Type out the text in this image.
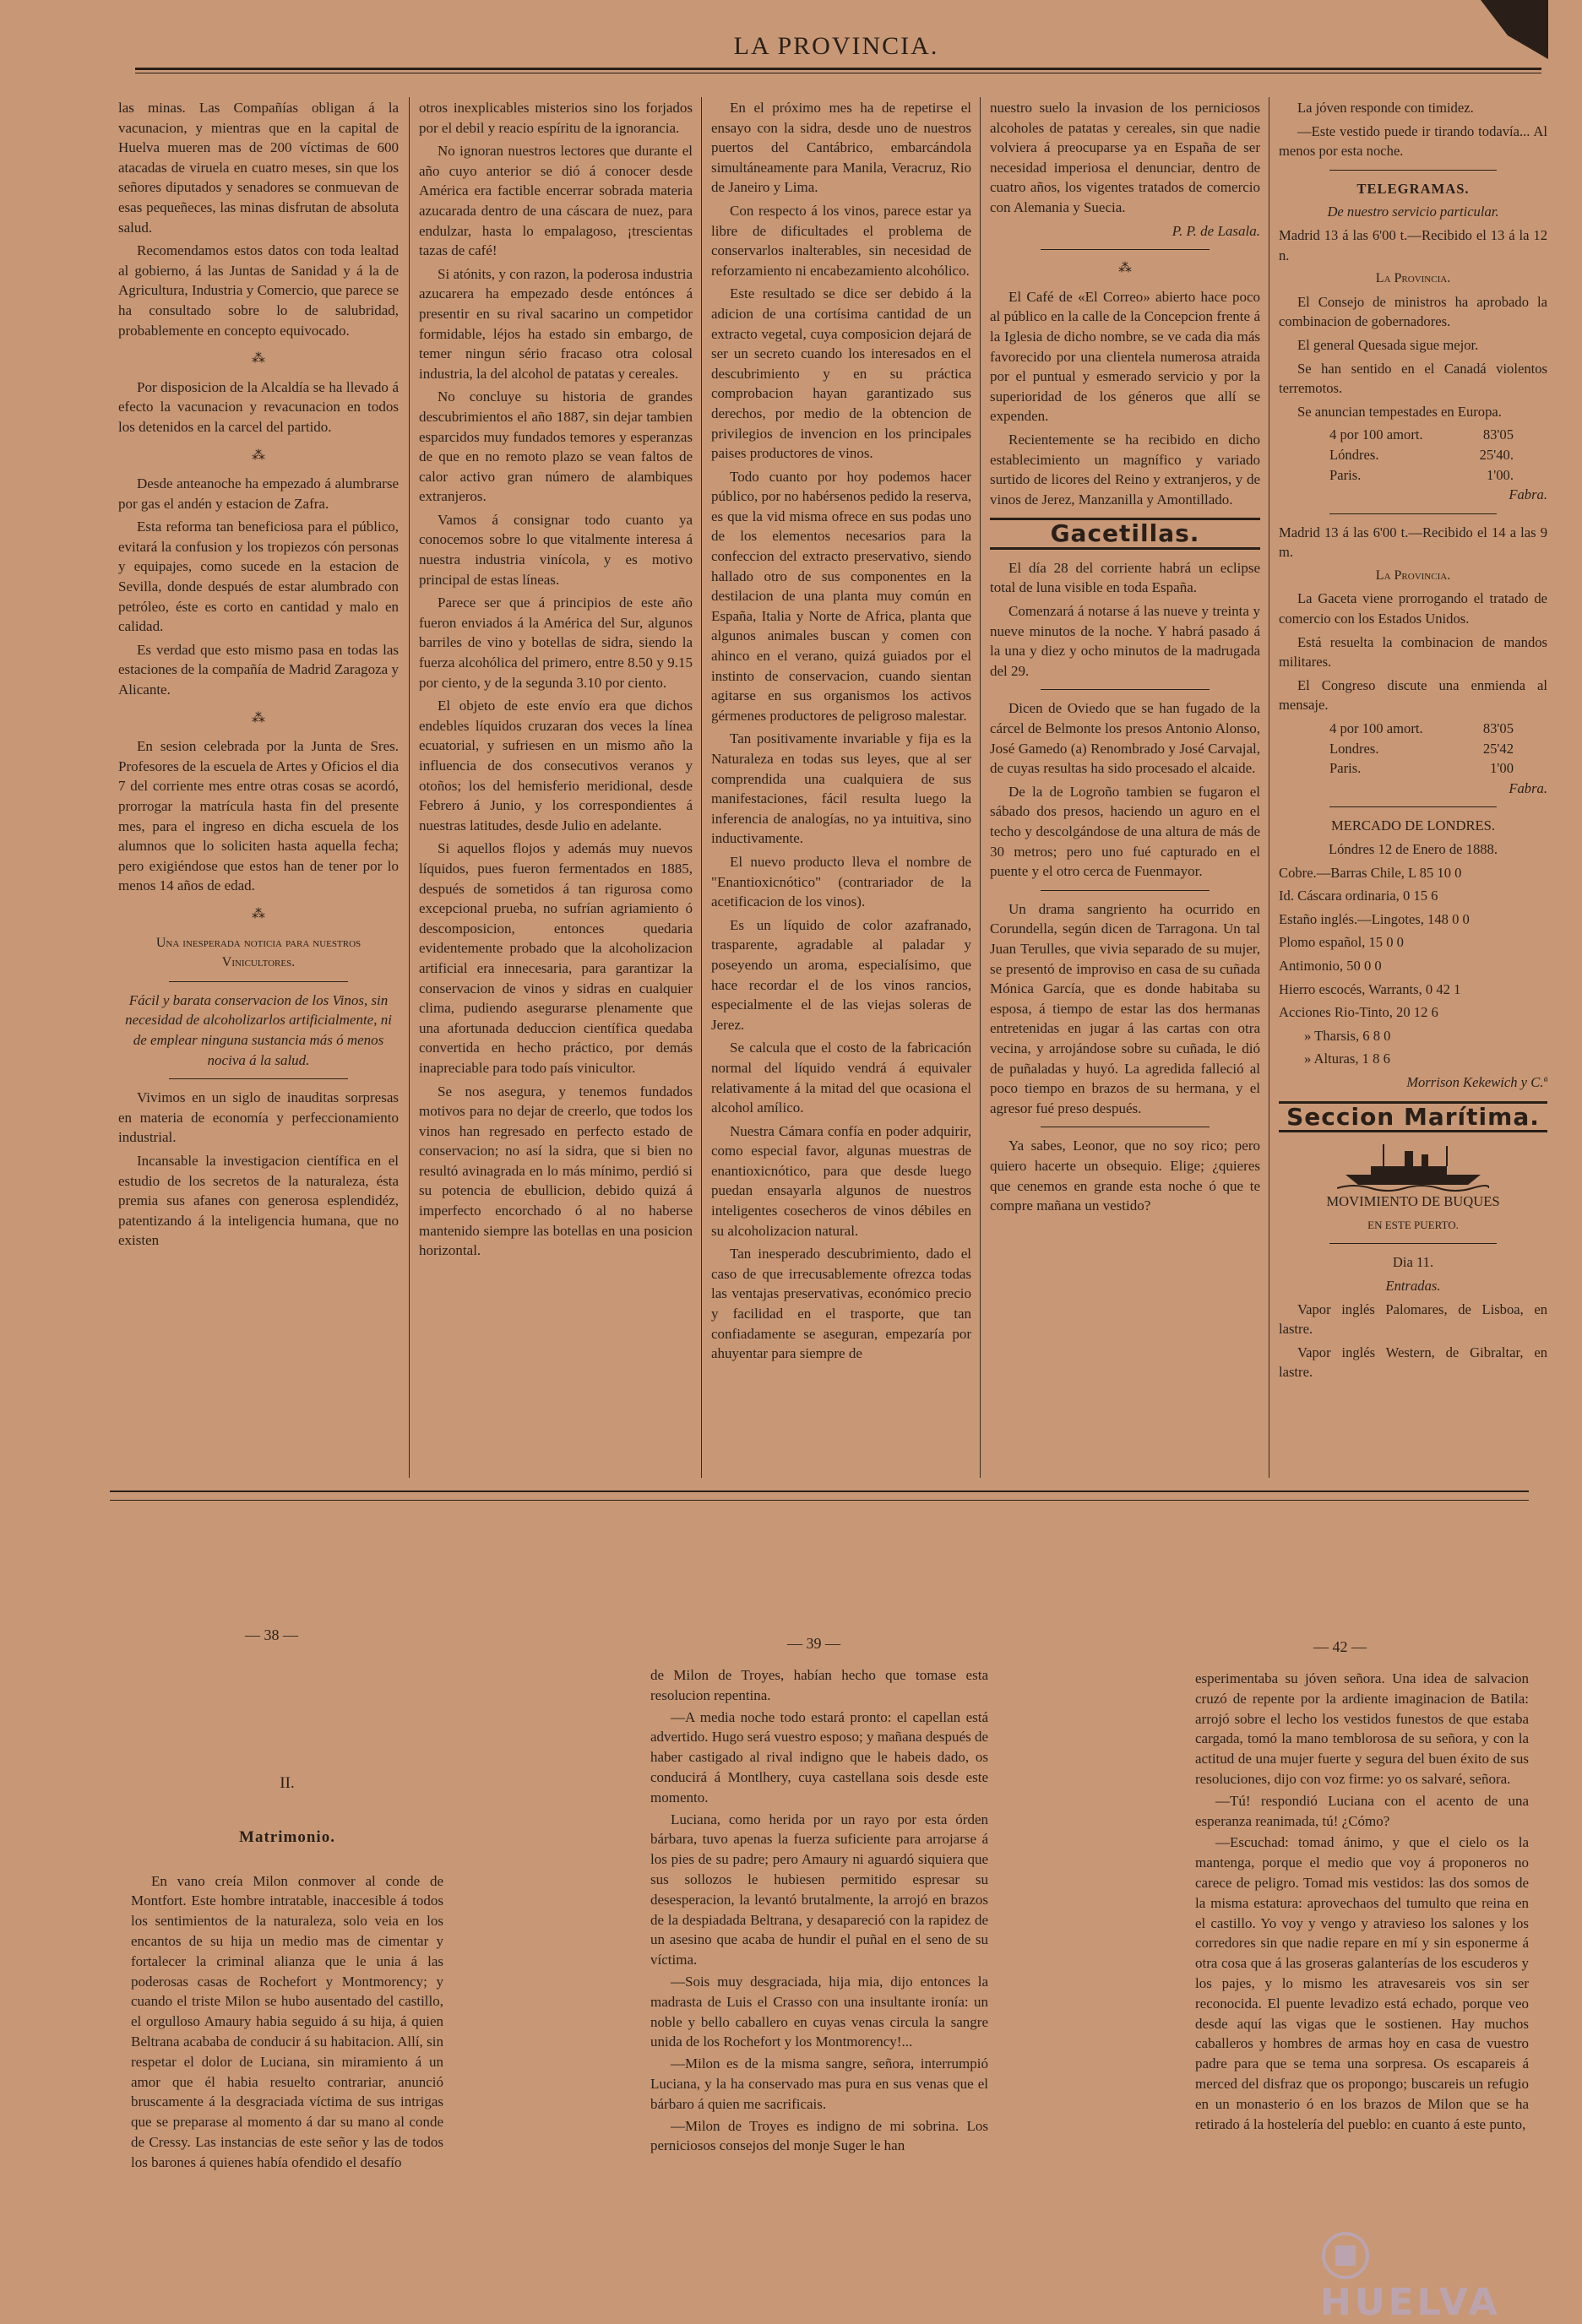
LA PROVINCIA.

las minas. Las Compañías obligan á la vacunacion, y mientras que en la capital de Huelva mueren mas de 200 víctimas de 600 atacadas de viruela en cuatro meses, sin que los señores diputados y senadores se conmuevan de esas pequeñeces, las minas disfrutan de absoluta salud.

Recomendamos estos datos con toda lealtad al gobierno, á las Juntas de Sanidad y á la de Agricultura, Industria y Comercio, que parece se ha consultado sobre lo de salubridad, probablemente en concepto equivocado.

⁂

Por disposicion de la Alcaldía se ha llevado á efecto la vacunacion y revacunacion en todos los detenidos en la carcel del partido.

⁂

Desde anteanoche ha empezado á alumbrarse por gas el andén y estacion de Zafra.

Esta reforma tan beneficiosa para el público, evitará la confusion y los tropiezos cón personas y equipajes, como sucede en la estacion de Sevilla, donde después de estar alumbrado con petróleo, éste es corto en cantidad y malo en calidad.

Es verdad que esto mismo pasa en todas las estaciones de la compañía de Madrid Zaragoza y Alicante.

⁂

En sesion celebrada por la Junta de Sres. Profesores de la escuela de Artes y Oficios el dia 7 del corriente mes entre otras cosas se acordó, prorrogar la matrícula hasta fin del presente mes, para el ingreso en dicha escuela de los alumnos que lo soliciten hasta aquella fecha; pero exigiéndose que estos han de tener por lo menos 14 años de edad.

⁂

Una inesperada noticia para nuestros Vinicultores.

Fácil y barata conservacion de los Vinos, sin necesidad de alcoholizarlos artificialmente, ni de emplear ninguna sustancia más ó menos nociva á la salud.

Vivimos en un siglo de inauditas sorpresas en materia de economía y perfeccionamiento industrial.

Incansable la investigacion científica en el estudio de los secretos de la naturaleza, ésta premia sus afanes con generosa esplendidéz, patentizando á la inteligencia humana, que no existen

otros inexplicables misterios sino los forjados por el debil y reacio espíritu de la ignorancia.

No ignoran nuestros lectores que durante el año cuyo anterior se dió á conocer desde América era factible encerrar sobrada materia azucarada dentro de una cáscara de nuez, para endulzar, hasta lo empalagoso, ¡trescientas tazas de café!

Si atónits, y con razon, la poderosa industria azucarera ha empezado desde entónces á presentir en su rival sacarino un competidor formidable, léjos ha estado sin embargo, de temer ningun sério fracaso otra colosal industria, la del alcohol de patatas y cereales.

No concluye su historia de grandes descubrimientos el año 1887, sin dejar tambien esparcidos muy fundados temores y esperanzas de que en no remoto plazo se vean faltos de calor activo gran número de alambiques extranjeros.

Vamos á consignar todo cuanto ya conocemos sobre lo que vitalmente interesa á nuestra industria vinícola, y es motivo principal de estas líneas.

Parece ser que á principios de este año fueron enviados á la América del Sur, algunos barriles de vino y botellas de sidra, siendo la fuerza alcohólica del primero, entre 8.50 y 9.15 por ciento, y de la segunda 3.10 por ciento.

El objeto de este envío era que dichos endebles líquidos cruzaran dos veces la línea ecuatorial, y sufriesen en un mismo año la influencia de dos consecutivos veranos y otoños; los del hemisferio meridional, desde Febrero á Junio, y los correspondientes á nuestras latitudes, desde Julio en adelante.

Si aquellos flojos y además muy nuevos líquidos, pues fueron fermentados en 1885, después de sometidos á tan rigurosa como excepcional prueba, no sufrían agriamiento ó descomposicion, entonces quedaria evidentemente probado que la alcoholizacion artificial era innecesaria, para garantizar la conservacion de vinos y sidras en cualquier clima, pudiendo asegurarse plenamente que una afortunada deduccion científica quedaba convertida en hecho práctico, por demás inapreciable para todo país vinicultor.

Se nos asegura, y tenemos fundados motivos para no dejar de creerlo, que todos los vinos han regresado en perfecto estado de conservacion; no así la sidra, que si bien no resultó avinagrada en lo más mínimo, perdió si su potencia de ebullicion, debido quizá á imperfecto encorchado ó al no haberse mantenido siempre las botellas en una posicion horizontal.

En el próximo mes ha de repetirse el ensayo con la sidra, desde uno de nuestros puertos del Cantábrico, embarcándola simultáneamente para Manila, Veracruz, Rio de Janeiro y Lima.

Con respecto á los vinos, parece estar ya libre de dificultades el problema de conservarlos inalterables, sin necesidad de reforzamiento ni encabezamiento alcohólico.

Este resultado se dice ser debido á la adicion de una cortísima cantidad de un extracto vegetal, cuya composicion dejará de ser un secreto cuando los interesados en el descubrimiento y en su práctica comprobacion hayan garantizado sus derechos, por medio de la obtencion de privilegios de invencion en los principales paises productores de vinos.

Todo cuanto por hoy podemos hacer público, por no habérsenos pedido la reserva, es que la vid misma ofrece en sus podas uno de los elementos necesarios para la confeccion del extracto preservativo, siendo hallado otro de sus componentes en la destilacion de una planta muy común en España, Italia y Norte de Africa, planta que algunos animales buscan y comen con ahinco en el verano, quizá guiados por el instinto de conservacion, cuando sientan agitarse en sus organismos los activos gérmenes productores de peligroso malestar.

Tan positivamente invariable y fija es la Naturaleza en todas sus leyes, que al ser comprendida una cualquiera de sus manifestaciones, fácil resulta luego la inferencia de analogías, no ya intuitiva, sino inductivamente.

El nuevo producto lleva el nombre de "Enantioxicnótico" (contrariador de la acetificacion de los vinos).

Es un líquido de color azafranado, trasparente, agradable al paladar y poseyendo un aroma, especialísimo, que hace recordar el de los vinos rancios, especialmente el de las viejas soleras de Jerez.

Se calcula que el costo de la fabricación normal del líquido vendrá á equivaler relativamente á la mitad del que ocasiona el alcohol amílico.

Nuestra Cámara confía en poder adquirir, como especial favor, algunas muestras de enantioxicnótico, para que desde luego puedan ensayarla algunos de nuestros inteligentes cosecheros de vinos débiles en su alcoholizacion natural.

Tan inesperado descubrimiento, dado el caso de que irrecusablemente ofrezca todas las ventajas preservativas, económico precio y facilidad en el trasporte, que tan confiadamente se aseguran, empezaría por ahuyentar para siempre de

nuestro suelo la invasion de los perniciosos alcoholes de patatas y cereales, sin que nadie volviera á preocuparse ya en España de ser necesidad imperiosa el denunciar, dentro de cuatro años, los vigentes tratados de comercio con Alemania y Suecia.

P. P. de Lasala.

⁂

El Café de «El Correo» abierto hace poco al público en la calle de la Concepcion frente á la Iglesia de dicho nombre, se ve cada dia más favorecido por una clientela numerosa atraida por el puntual y esmerado servicio y por la superioridad de los géneros que allí se expenden.

Recientemente se ha recibido en dicho establecimiento un magnífico y variado surtido de licores del Reino y extranjeros, y de vinos de Jerez, Manzanilla y Amontillado.

Gacetillas.

El día 28 del corriente habrá un eclipse total de luna visible en toda España.

Comenzará á notarse á las nueve y treinta y nueve minutos de la noche. Y habrá pasado á la una y diez y ocho minutos de la madrugada del 29.

Dicen de Oviedo que se han fugado de la cárcel de Belmonte los presos Antonio Alonso, José Gamedo (a) Renombrado y José Carvajal, de cuyas resultas ha sido procesado el alcaide.

De la de Logroño tambien se fugaron el sábado dos presos, haciendo un aguro en el techo y descolgándose de una altura de más de 30 metros; pero uno fué capturado en el puente y el otro cerca de Fuenmayor.

Un drama sangriento ha ocurrido en Corundella, según dicen de Tarragona. Un tal Juan Terulles, que vivia separado de su mujer, se presentó de improviso en casa de su cuñada Mónica García, que es donde habitaba su esposa, á tiempo de estar las dos hermanas entretenidas en jugar á las cartas con otra vecina, y arrojándose sobre su cuñada, le dió de puñaladas y huyó. La agredida falleció al poco tiempo en brazos de su hermana, y el agresor fué preso después.

Ya sabes, Leonor, que no soy rico; pero quiero hacerte un obsequio. Elige; ¿quieres que cenemos en grande esta noche ó que te compre mañana un vestido?

La jóven responde con timidez.

—Este vestido puede ir tirando todavía... Al menos por esta noche.

TELEGRAMAS.

De nuestro servicio particular.

Madrid 13 á las 6'00 t.—Recibido el 13 á la 12 n.

La Provincia.

El Consejo de ministros ha aprobado la combinacion de gobernadores.

El general Quesada sigue mejor.

Se han sentido en el Canadá violentos terremotos.

Se anuncian tempestades en Europa.

4 por 100 amort.	83'05
Lóndres.	25'40.
Paris.	1'00.

Fabra.

Madrid 13 á las 6'00 t.—Recibido el 14 a las 9 m.

La Provincia.

La Gaceta viene prorrogando el tratado de comercio con los Estados Unidos.

Está resuelta la combinacion de mandos militares.

El Congreso discute una enmienda al mensaje.

4 por 100 amort.	83'05
Londres.	25'42
Paris.	1'00

Fabra.

MERCADO DE LONDRES.

Lóndres 12 de Enero de 1888.

Cobre.—Barras Chile, L 85 10 0

Id. Cáscara ordinaria, 0 15 6

Estaño inglés.—Lingotes, 148 0 0

Plomo español, 15 0 0

Antimonio, 50 0 0

Hierro escocés, Warrants, 0 42 1

Acciones Rio-Tinto, 20 12 6

» Tharsis, 6 8 0

» Alturas, 1 8 6

Morrison Kekewich y C.ª

Seccion Marítima.

MOVIMIENTO DE BUQUES

EN ESTE PUERTO.

Dia 11.

Entradas.

Vapor inglés Palomares, de Lisboa, en lastre.

Vapor inglés Western, de Gibraltar, en lastre.

— 38 —

II.

Matrimonio.

En vano creía Milon conmover al conde de Montfort. Este hombre intratable, inaccesible á todos los sentimientos de la naturaleza, solo veia en los encantos de su hija un medio mas de cimentar y fortalecer la criminal alianza que le unia á las poderosas casas de Rochefort y Montmorency; y cuando el triste Milon se hubo ausentado del castillo, el orgulloso Amaury habia seguido á su hija, á quien Beltrana acababa de conducir á su habitacion. Allí, sin respetar el dolor de Luciana, sin miramiento á un amor que él habia resuelto contrariar, anunció bruscamente á la desgraciada víctima de sus intrigas que se preparase al momento á dar su mano al conde de Cressy. Las instancias de este señor y las de todos los barones á quienes había ofendido el desafío

— 39 —

de Milon de Troyes, habían hecho que tomase esta resolucion repentina.

—A media noche todo estará pronto: el capellan está advertido. Hugo será vuestro esposo; y mañana después de haber castigado al rival indigno que le habeis dado, os conducirá á Montlhery, cuya castellana sois desde este momento.

Luciana, como herida por un rayo por esta órden bárbara, tuvo apenas la fuerza suficiente para arrojarse á los pies de su padre; pero Amaury ni aguardó siquiera que sus sollozos le hubiesen permitido espresar su desesperacion, la levantó brutalmente, la arrojó en brazos de la despiadada Beltrana, y desapareció con la rapidez de un asesino que acaba de hundir el puñal en el seno de su víctima.

—Sois muy desgraciada, hija mia, dijo entonces la madrasta de Luis el Crasso con una insultante ironía: un noble y bello caballero en cuyas venas circula la sangre unida de los Rochefort y los Montmorency!...

—Milon es de la misma sangre, señora, interrumpió Luciana, y la ha conservado mas pura en sus venas que el bárbaro á quien me sacrificais.

—Milon de Troyes es indigno de mi sobrina. Los perniciosos consejos del monje Suger le han

— 42 —

esperimentaba su jóven señora. Una idea de salvacion cruzó de repente por la ardiente imaginacion de Batila: arrojó sobre el lecho los vestidos funestos de que estaba cargada, tomó la mano temblorosa de su señora, y con la actitud de una mujer fuerte y segura del buen éxito de sus resoluciones, dijo con voz firme: yo os salvaré, señora.

—Tú! respondió Luciana con el acento de una esperanza reanimada, tú! ¿Cómo?

—Escuchad: tomad ánimo, y que el cielo os la mantenga, porque el medio que voy á proponeros no carece de peligro. Tomad mis vestidos: las dos somos de la misma estatura: aprovechaos del tumulto que reina en el castillo. Yo voy y vengo y atravieso los salones y los corredores sin que nadie repare en mí y sin esponerme á otra cosa que á las groseras galanterías de los escuderos y los pajes, y lo mismo les atravesareis vos sin ser reconocida. El puente levadizo está echado, porque veo desde aquí las vigas que le sostienen. Hay muchos caballeros y hombres de armas hoy en casa de vuestro padre para que se tema una sorpresa. Os escapareis á merced del disfraz que os propongo; buscareis un refugio en un monasterio ó en los brazos de Milon que se ha retirado á la hostelería del pueblo: en cuanto á este punto,

HUELVA
